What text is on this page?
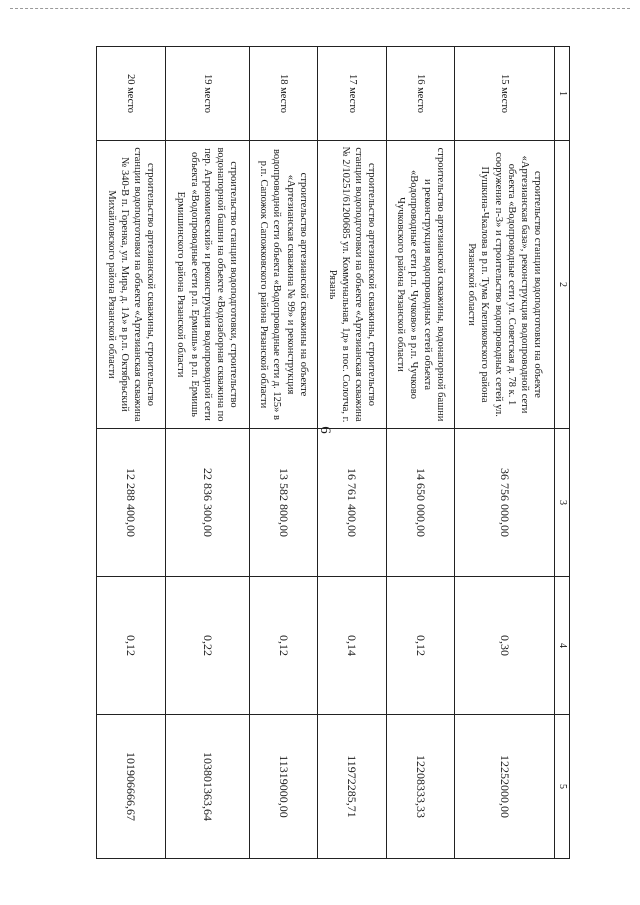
6
1	2	3	4	5
15 место	строительство станции водоподготовки на объекте «Артезианская база», реконструкция водопроводной сети объекта «Водопроводные сети ул. Советская д. 78 к. 1 сооружение п-3» и строительство водопроводных сетей ул. Пушкина-Чкалова в р.п. Тума Клепиковского района Рязанской области	36 756 000,00	0,30	12252000,00
16 место	строительство артезианской скважины, водонапорной башни и реконструкция водопроводных сетей объекта «Водопроводные сети р.п. Чучково» в р.п. Чучково Чучковского района Рязанской области	14 650 000,00	0,12	12208333,33
17 место	строительство артезианской скважины, строительство станции водоподготовки на объекте «Артезианская скважина № 2/10251/61200685 ул. Коммунальная, 1д» в пос. Солотча, г. Рязань	16 761 400,00	0,14	11972285,71
18 место	строительство артезианской скважины на объекте «Артезианская скважина № 99» и реконструкция водопроводной сети объекта «Водопроводные сети д. 125» в р.п. Сапожок Сапожковского района Рязанской области	13 582 800,00	0,12	11319000,00
19 место	строительство станции водоподготовки, строительство водонапорной башни на объекте «Водозаборная скважина по пер. Агрономический» и реконструкция водопроводной сети объекта «Водопроводные сети р.п. Ермишь» в р.п. Ермишь Ермишинского района Рязанской области	22 836 300,00	0,22	103801363,64
20 место	строительство артезианской скважины, строительство станции водоподготовки на объекте «Артезианская скважина № 340-В п. Горенка, ул. Мира, д. 1А» в р.п. Октябрьский Михайловского района Рязанской области	12 288 400,00	0,12	101906666,67
